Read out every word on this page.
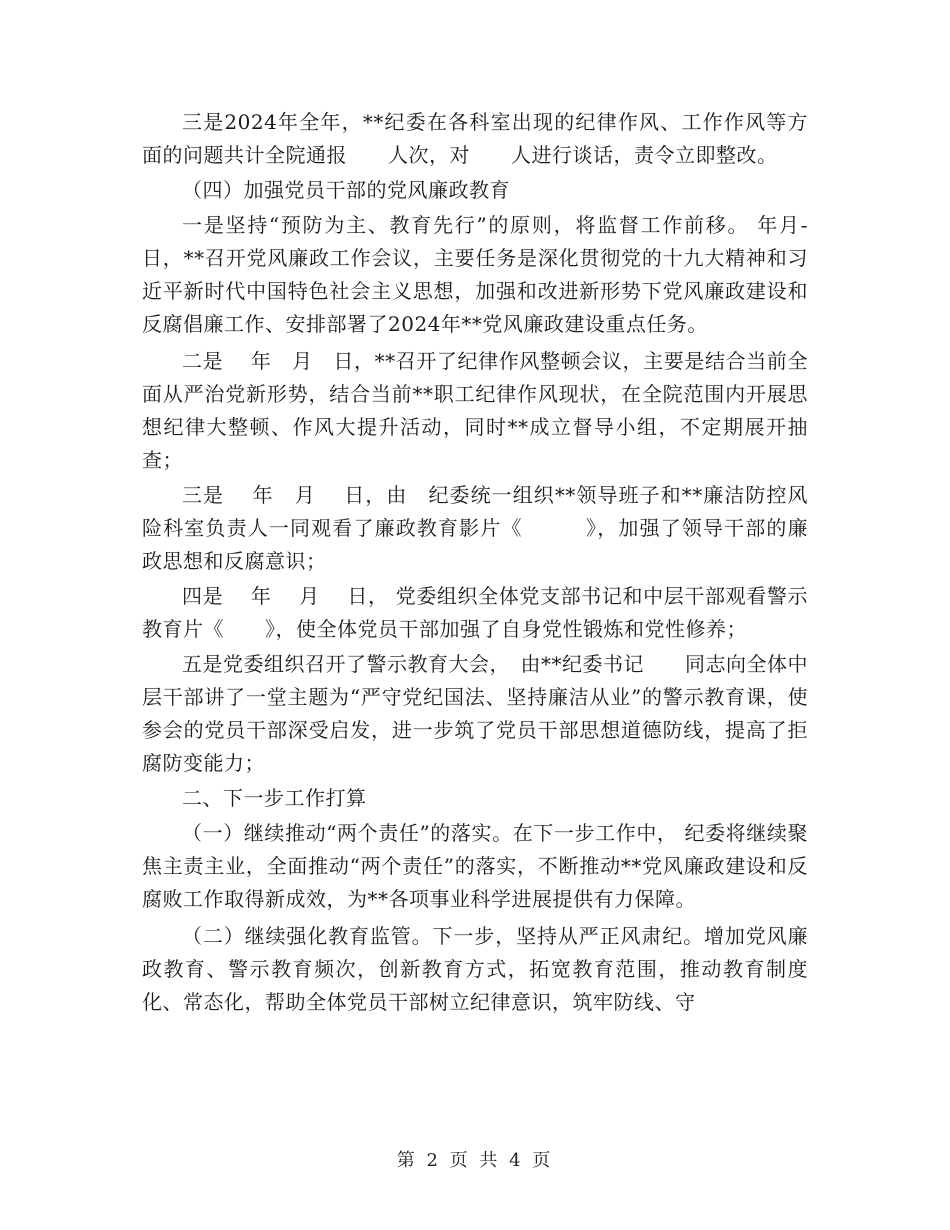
三是2024年全年，**纪委在各科室出现的纪律作风、工作作风等方面的问题共计全院通报　　人次，对　　人进行谈话，责令立即整改。

（四）加强党员干部的党风廉政教育

一是坚持“预防为主、教育先行”的原则，将监督工作前移。 年月-日，**召开党风廉政工作会议，主要任务是深化贯彻党的十九大精神和习近平新时代中国特色社会主义思想，加强和改进新形势下党风廉政建设和反腐倡廉工作、安排部署了2024年**党风廉政建设重点任务。

二是　 年　月　日，**召开了纪律作风整顿会议，主要是结合当前全面从严治党新形势，结合当前**职工纪律作风现状，在全院范围内开展思想纪律大整顿、作风大提升活动，同时**成立督导小组，不定期展开抽查；

三是　 年　月　 日，由　纪委统一组织**领导班子和**廉洁防控风险科室负责人一同观看了廉政教育影片《　　　》，加强了领导干部的廉政思想和反腐意识；

四是　 年　 月　 日， 党委组织全体党支部书记和中层干部观看警示教育片《　　》，使全体党员干部加强了自身党性锻炼和党性修养；

五是党委组织召开了警示教育大会，　由**纪委书记　　同志向全体中层干部讲了一堂主题为“严守党纪国法、坚持廉洁从业”的警示教育课，使参会的党员干部深受启发，进一步筑了党员干部思想道德防线，提高了拒腐防变能力；

二、下一步工作打算

（一）继续推动“两个责任”的落实。在下一步工作中， 纪委将继续聚焦主责主业，全面推动“两个责任”的落实，不断推动**党风廉政建设和反腐败工作取得新成效，为**各项事业科学进展提供有力保障。

（二）继续强化教育监管。下一步，坚持从严正风肃纪。增加党风廉政教育、警示教育频次，创新教育方式，拓宽教育范围，推动教育制度化、常态化，帮助全体党员干部树立纪律意识，筑牢防线、守

第 2 页 共 4 页
